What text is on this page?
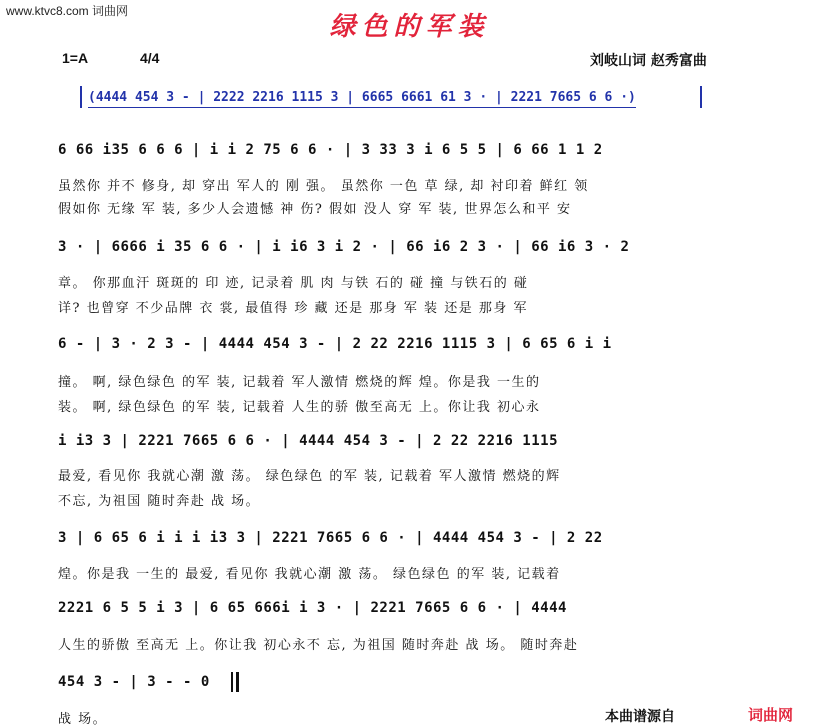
www.ktvc8.com 词曲网
绿色的军装
1=A	4/4	刘岐山词 赵秀富曲
(4444 454 3 - | 2222 2216 1115 3 | 6665 6661 61 3 · | 2221 7665 6 6 ·)
6 66 i35 6 6 6 | i i 2 75 6 6 · | 3 33 3 i 6 5 5 | 6 66 1 1 2
虽然你 并不 修身, 却 穿出 军人的 刚 强。 虽然你 一色 草 绿, 却 衬印着 鲜红 领
假如你 无缘 军 装, 多少人会遗憾 神 伤? 假如 没人 穿 军 装, 世界怎么和平 安
3 · | 6666 i 35 6 6 · | i i6 3 i 2 · | 66 i6 2 3 · | 66 i6 3 · 2
章。 你那血汗 斑斑的 印 迹, 记录着 肌 肉 与铁 石的 碰 撞 与铁石的 碰
详? 也曾穿 不少品牌 衣 裳, 最值得 珍 藏 还是 那身 军 装 还是 那身 军
6 - | 3 · 2 3 - | 4444 454 3 - | 2 22 2216 1115 3 | 6 65 6 i i
撞。 啊, 绿色绿色 的军 装, 记载着 军人激情 燃烧的辉 煌。你是我 一生的
装。 啊, 绿色绿色 的军 装, 记载着 人生的骄 傲至高无 上。你让我 初心永
i i3 3 | 2221 7665 6 6 · | 4444 454 3 - | 2 22 2216 1115
最爱, 看见你 我就心潮 激 荡。 绿色绿色 的军 装, 记载着 军人激情 燃烧的辉
不忘, 为祖国 随时奔赴 战 场。
3 | 6 65 6 i i i i3 3 | 2221 7665 6 6 · | 4444 454 3 - | 2 22
煌。你是我 一生的 最爱, 看见你 我就心潮 激 荡。 绿色绿色 的军 装, 记载着
2221 6 5 5 i 3 | 6 65 666i i 3 · | 2221 7665 6 6 · | 4444
人生的骄傲 至高无 上。你让我 初心永不 忘, 为祖国 随时奔赴 战 场。 随时奔赴
454 3 - | 3 - - 0
战 场。	本曲谱源自	词曲网
